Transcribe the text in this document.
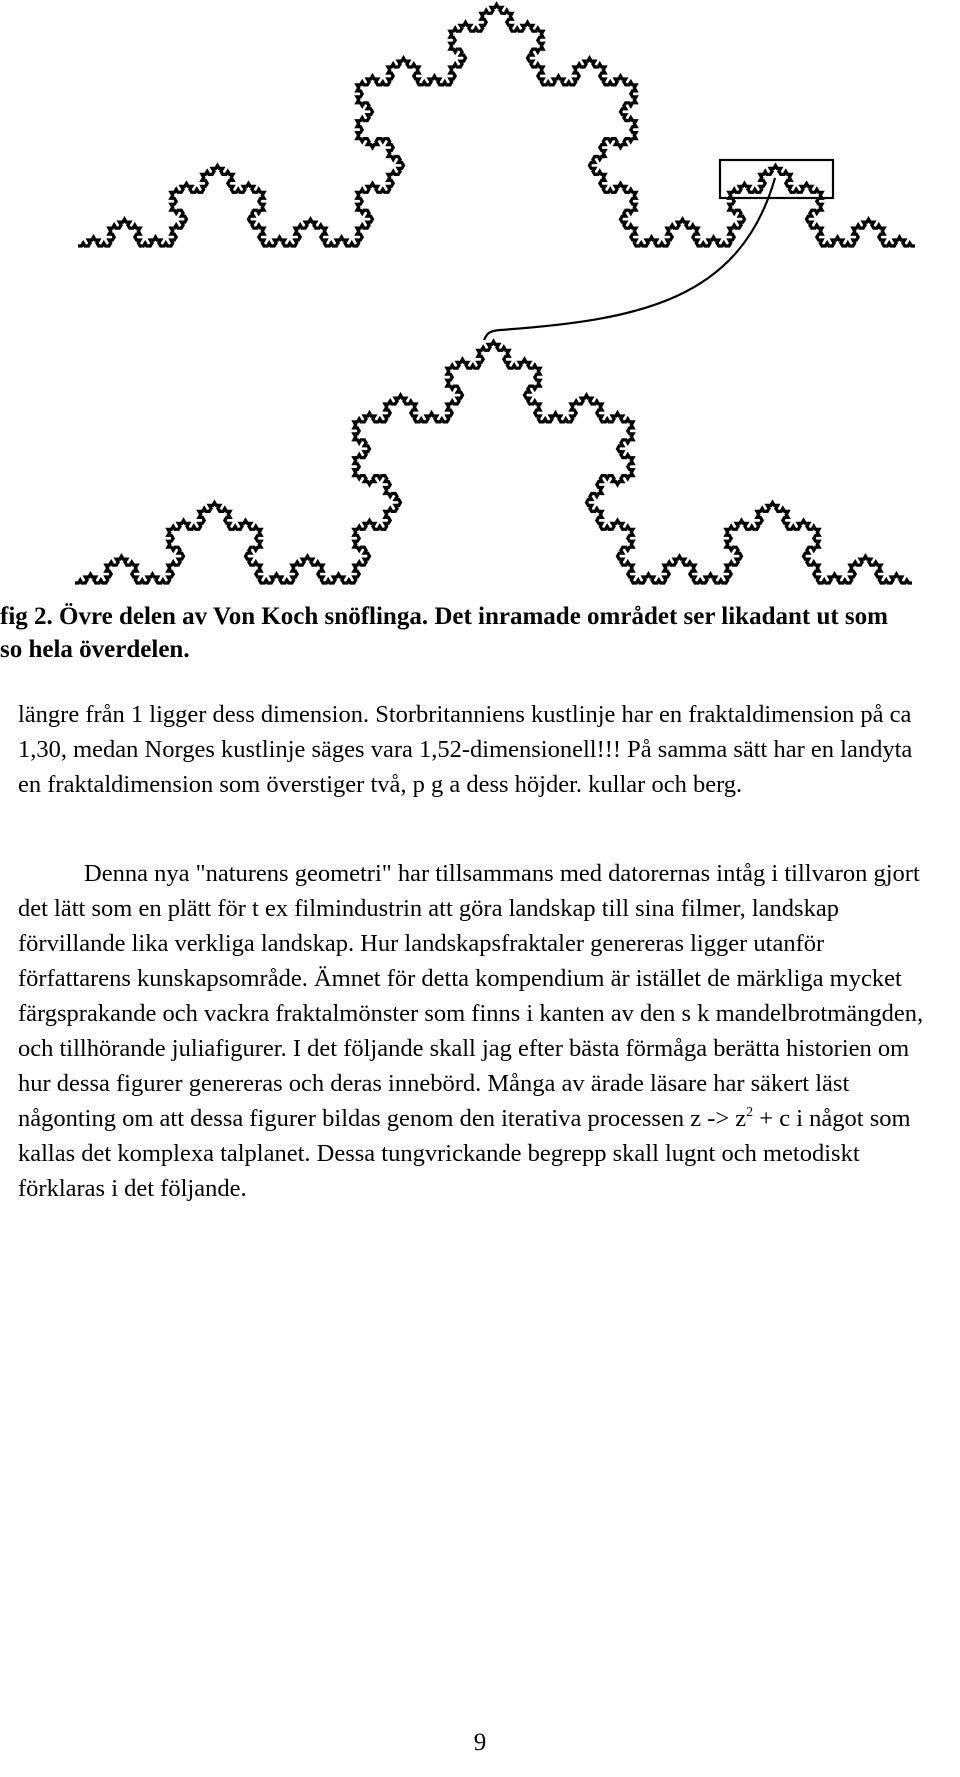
fig 2. Övre delen av Von Koch snöflinga. Det inramade området ser likadant ut som so hela överdelen.

längre från 1 ligger dess dimension. Storbritanniens kustlinje har en fraktaldimension på ca 1,30, medan Norges kustlinje säges vara 1,52-dimensionell!!! På samma sätt har en landyta en fraktaldimension som överstiger två, p g a dess höjder. kullar och berg.

Denna nya "naturens geometri" har tillsammans med datorernas intåg i tillvaron gjort det lätt som en plätt för t ex filmindustrin att göra landskap till sina filmer, landskap förvillande lika verkliga landskap. Hur landskapsfraktaler genereras ligger utanför författarens kunskapsområde. Ämnet för detta kompendium är istället de märkliga mycket färgsprakande och vackra fraktalmönster som finns i kanten av den s k mandelbrotmängden, och tillhörande juliafigurer. I det följande skall jag efter bästa förmåga berätta historien om hur dessa figurer genereras och deras innebörd. Många av ärade läsare har säkert läst någonting om att dessa figurer bildas genom den iterativa processen $z -> z^2 + c$ i något som kallas det komplexa talplanet. Dessa tungvrickande begrepp skall lugnt och metodiskt förklaras i det följande.

9
